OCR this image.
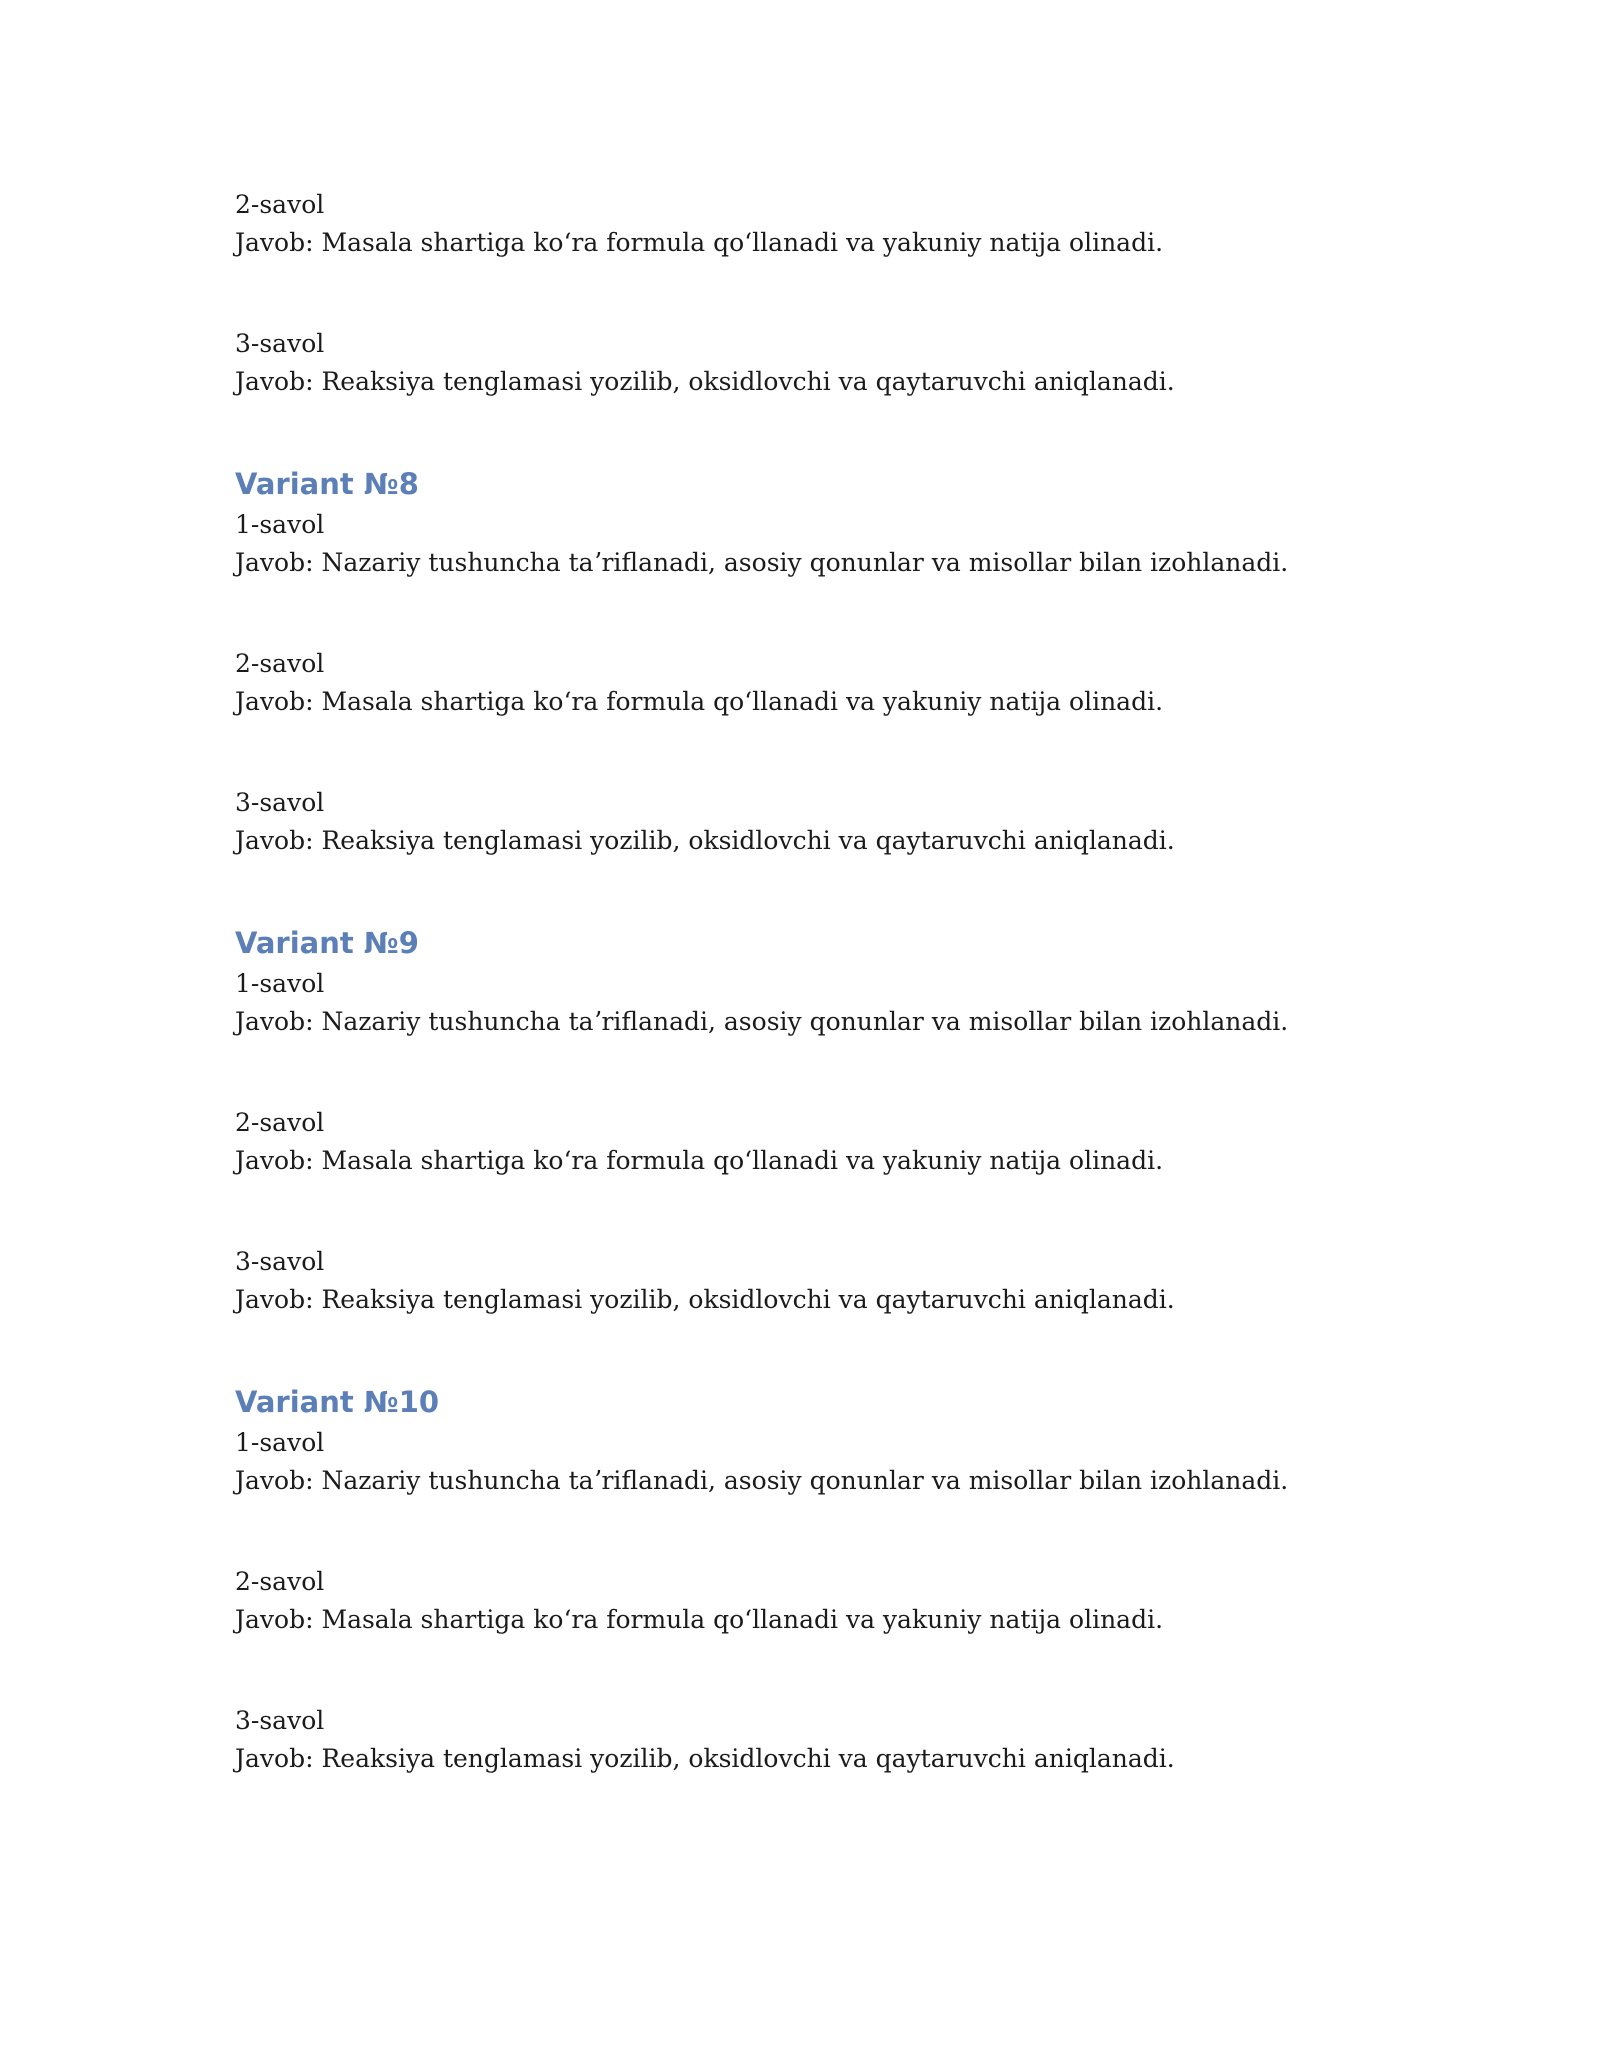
2-savol
Javob: Masala shartiga koʻra formula qoʻllanadi va yakuniy natija olinadi.
3-savol
Javob: Reaksiya tenglamasi yozilib, oksidlovchi va qaytaruvchi aniqlanadi.
Variant №8
1-savol
Javob: Nazariy tushuncha taʼriflanadi, asosiy qonunlar va misollar bilan izohlanadi.
2-savol
Javob: Masala shartiga koʻra formula qoʻllanadi va yakuniy natija olinadi.
3-savol
Javob: Reaksiya tenglamasi yozilib, oksidlovchi va qaytaruvchi aniqlanadi.
Variant №9
1-savol
Javob: Nazariy tushuncha taʼriflanadi, asosiy qonunlar va misollar bilan izohlanadi.
2-savol
Javob: Masala shartiga koʻra formula qoʻllanadi va yakuniy natija olinadi.
3-savol
Javob: Reaksiya tenglamasi yozilib, oksidlovchi va qaytaruvchi aniqlanadi.
Variant №10
1-savol
Javob: Nazariy tushuncha taʼriflanadi, asosiy qonunlar va misollar bilan izohlanadi.
2-savol
Javob: Masala shartiga koʻra formula qoʻllanadi va yakuniy natija olinadi.
3-savol
Javob: Reaksiya tenglamasi yozilib, oksidlovchi va qaytaruvchi aniqlanadi.
